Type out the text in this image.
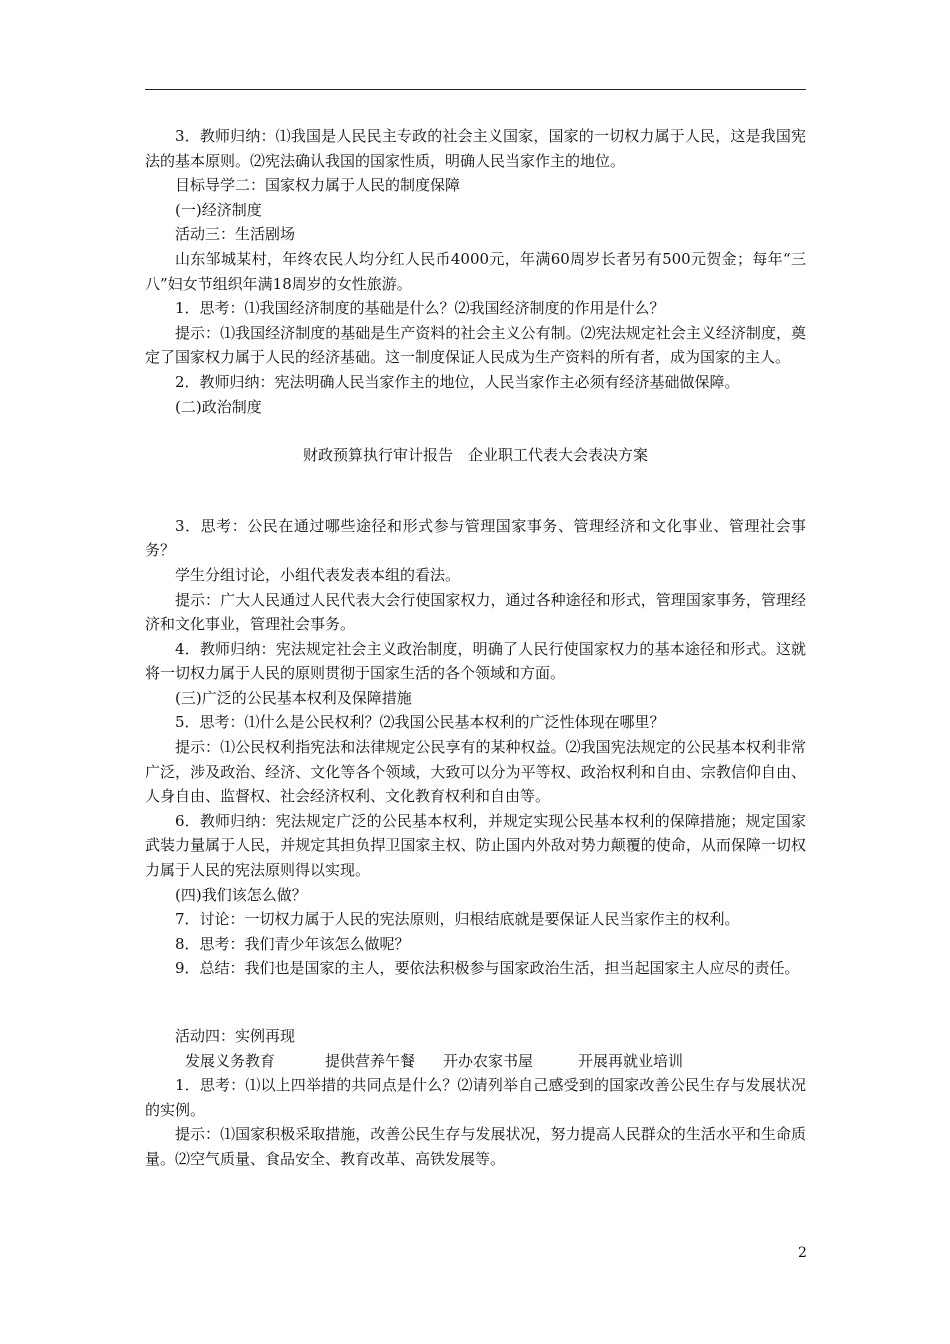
3．教师归纳：⑴我国是人民民主专政的社会主义国家，国家的一切权力属于人民，这是我国宪法的基本原则。⑵宪法确认我国的国家性质，明确人民当家作主的地位。

目标导学二：国家权力属于人民的制度保障

(一)经济制度

活动三：生活剧场

山东邹城某村，年终农民人均分红人民币4000元，年满60周岁长者另有500元贺金；每年“三八”妇女节组织年满18周岁的女性旅游。

1．思考：⑴我国经济制度的基础是什么？⑵我国经济制度的作用是什么？

提示：⑴我国经济制度的基础是生产资料的社会主义公有制。⑵宪法规定社会主义经济制度，奠定了国家权力属于人民的经济基础。这一制度保证人民成为生产资料的所有者，成为国家的主人。

2．教师归纳：宪法明确人民当家作主的地位，人民当家作主必须有经济基础做保障。

(二)政治制度

财政预算执行审计报告　企业职工代表大会表决方案

3．思考：公民在通过哪些途径和形式参与管理国家事务、管理经济和文化事业、管理社会事务？

学生分组讨论，小组代表发表本组的看法。

提示：广大人民通过人民代表大会行使国家权力，通过各种途径和形式，管理国家事务，管理经济和文化事业，管理社会事务。

4．教师归纳：宪法规定社会主义政治制度，明确了人民行使国家权力的基本途径和形式。这就将一切权力属于人民的原则贯彻于国家生活的各个领域和方面。

(三)广泛的公民基本权利及保障措施

5．思考：⑴什么是公民权利？⑵我国公民基本权利的广泛性体现在哪里？

提示：⑴公民权利指宪法和法律规定公民享有的某种权益。⑵我国宪法规定的公民基本权利非常广泛，涉及政治、经济、文化等各个领域，大致可以分为平等权、政治权利和自由、宗教信仰自由、人身自由、监督权、社会经济权利、文化教育权利和自由等。

6．教师归纳：宪法规定广泛的公民基本权利，并规定实现公民基本权利的保障措施；规定国家武装力量属于人民，并规定其担负捍卫国家主权、防止国内外敌对势力颠覆的使命，从而保障一切权力属于人民的宪法原则得以实现。

(四)我们该怎么做？

7．讨论：一切权力属于人民的宪法原则，归根结底就是要保证人民当家作主的权利。

8．思考：我们青少年该怎么做呢？

9．总结：我们也是国家的主人，要依法积极参与国家政治生活，担当起国家主人应尽的责任。

活动四：实例再现

发展义务教育	提供营养午餐	开办农家书屋	开展再就业培训

1．思考：⑴以上四举措的共同点是什么？⑵请列举自己感受到的国家改善公民生存与发展状况的实例。

提示：⑴国家积极采取措施，改善公民生存与发展状况，努力提高人民群众的生活水平和生命质量。⑵空气质量、食品安全、教育改革、高铁发展等。

2
